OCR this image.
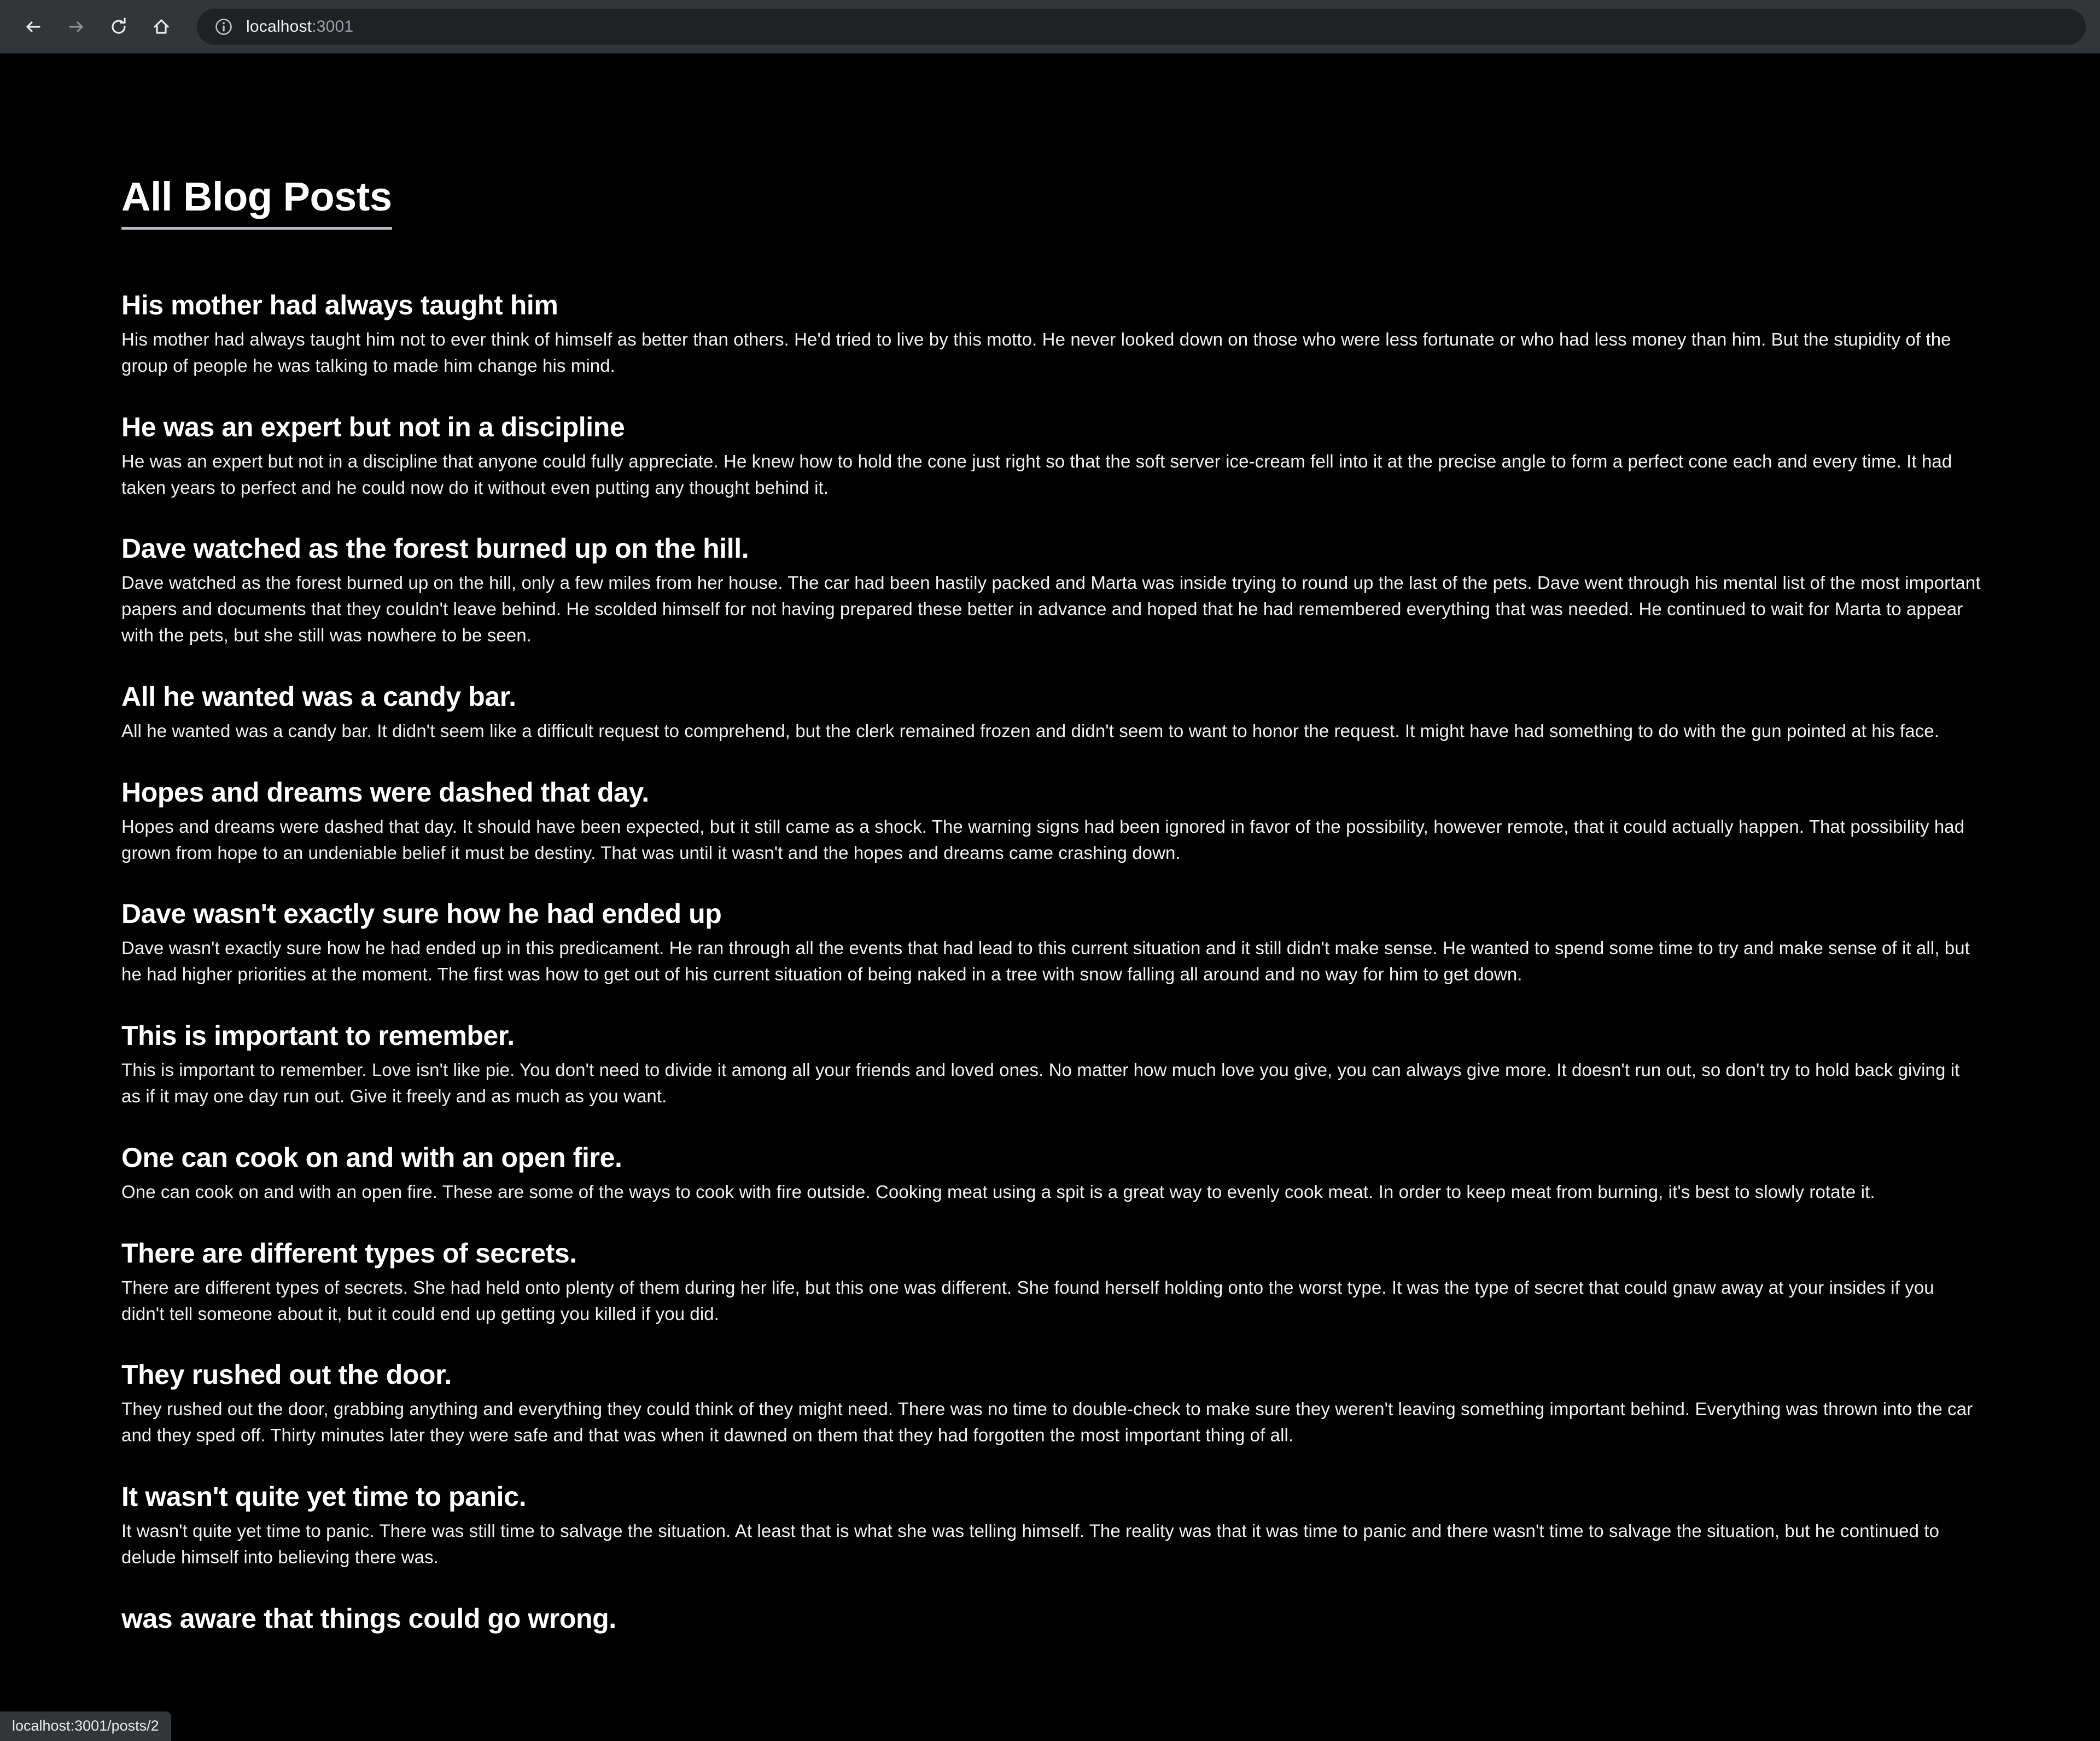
localhost:3001
All Blog Posts
His mother had always taught him

His mother had always taught him not to ever think of himself as better than others. He'd tried to live by this motto. He never looked down on those who were less fortunate or who had less money than him. But the stupidity of the group of people he was talking to made him change his mind.

He was an expert but not in a discipline

He was an expert but not in a discipline that anyone could fully appreciate. He knew how to hold the cone just right so that the soft server ice-cream fell into it at the precise angle to form a perfect cone each and every time. It had taken years to perfect and he could now do it without even putting any thought behind it.

Dave watched as the forest burned up on the hill.

Dave watched as the forest burned up on the hill, only a few miles from her house. The car had been hastily packed and Marta was inside trying to round up the last of the pets. Dave went through his mental list of the most important papers and documents that they couldn't leave behind. He scolded himself for not having prepared these better in advance and hoped that he had remembered everything that was needed. He continued to wait for Marta to appear with the pets, but she still was nowhere to be seen.

All he wanted was a candy bar.

All he wanted was a candy bar. It didn't seem like a difficult request to comprehend, but the clerk remained frozen and didn't seem to want to honor the request. It might have had something to do with the gun pointed at his face.

Hopes and dreams were dashed that day.

Hopes and dreams were dashed that day. It should have been expected, but it still came as a shock. The warning signs had been ignored in favor of the possibility, however remote, that it could actually happen. That possibility had grown from hope to an undeniable belief it must be destiny. That was until it wasn't and the hopes and dreams came crashing down.

Dave wasn't exactly sure how he had ended up

Dave wasn't exactly sure how he had ended up in this predicament. He ran through all the events that had lead to this current situation and it still didn't make sense. He wanted to spend some time to try and make sense of it all, but he had higher priorities at the moment. The first was how to get out of his current situation of being naked in a tree with snow falling all around and no way for him to get down.

This is important to remember.

This is important to remember. Love isn't like pie. You don't need to divide it among all your friends and loved ones. No matter how much love you give, you can always give more. It doesn't run out, so don't try to hold back giving it as if it may one day run out. Give it freely and as much as you want.

One can cook on and with an open fire.

One can cook on and with an open fire. These are some of the ways to cook with fire outside. Cooking meat using a spit is a great way to evenly cook meat. In order to keep meat from burning, it's best to slowly rotate it.

There are different types of secrets.

There are different types of secrets. She had held onto plenty of them during her life, but this one was different. She found herself holding onto the worst type. It was the type of secret that could gnaw away at your insides if you didn't tell someone about it, but it could end up getting you killed if you did.

They rushed out the door.

They rushed out the door, grabbing anything and everything they could think of they might need. There was no time to double-check to make sure they weren't leaving something important behind. Everything was thrown into the car and they sped off. Thirty minutes later they were safe and that was when it dawned on them that they had forgotten the most important thing of all.

It wasn't quite yet time to panic.

It wasn't quite yet time to panic. There was still time to salvage the situation. At least that is what she was telling himself. The reality was that it was time to panic and there wasn't time to salvage the situation, but he continued to delude himself into believing there was.

was aware that things could go wrong.
localhost:3001/posts/2
